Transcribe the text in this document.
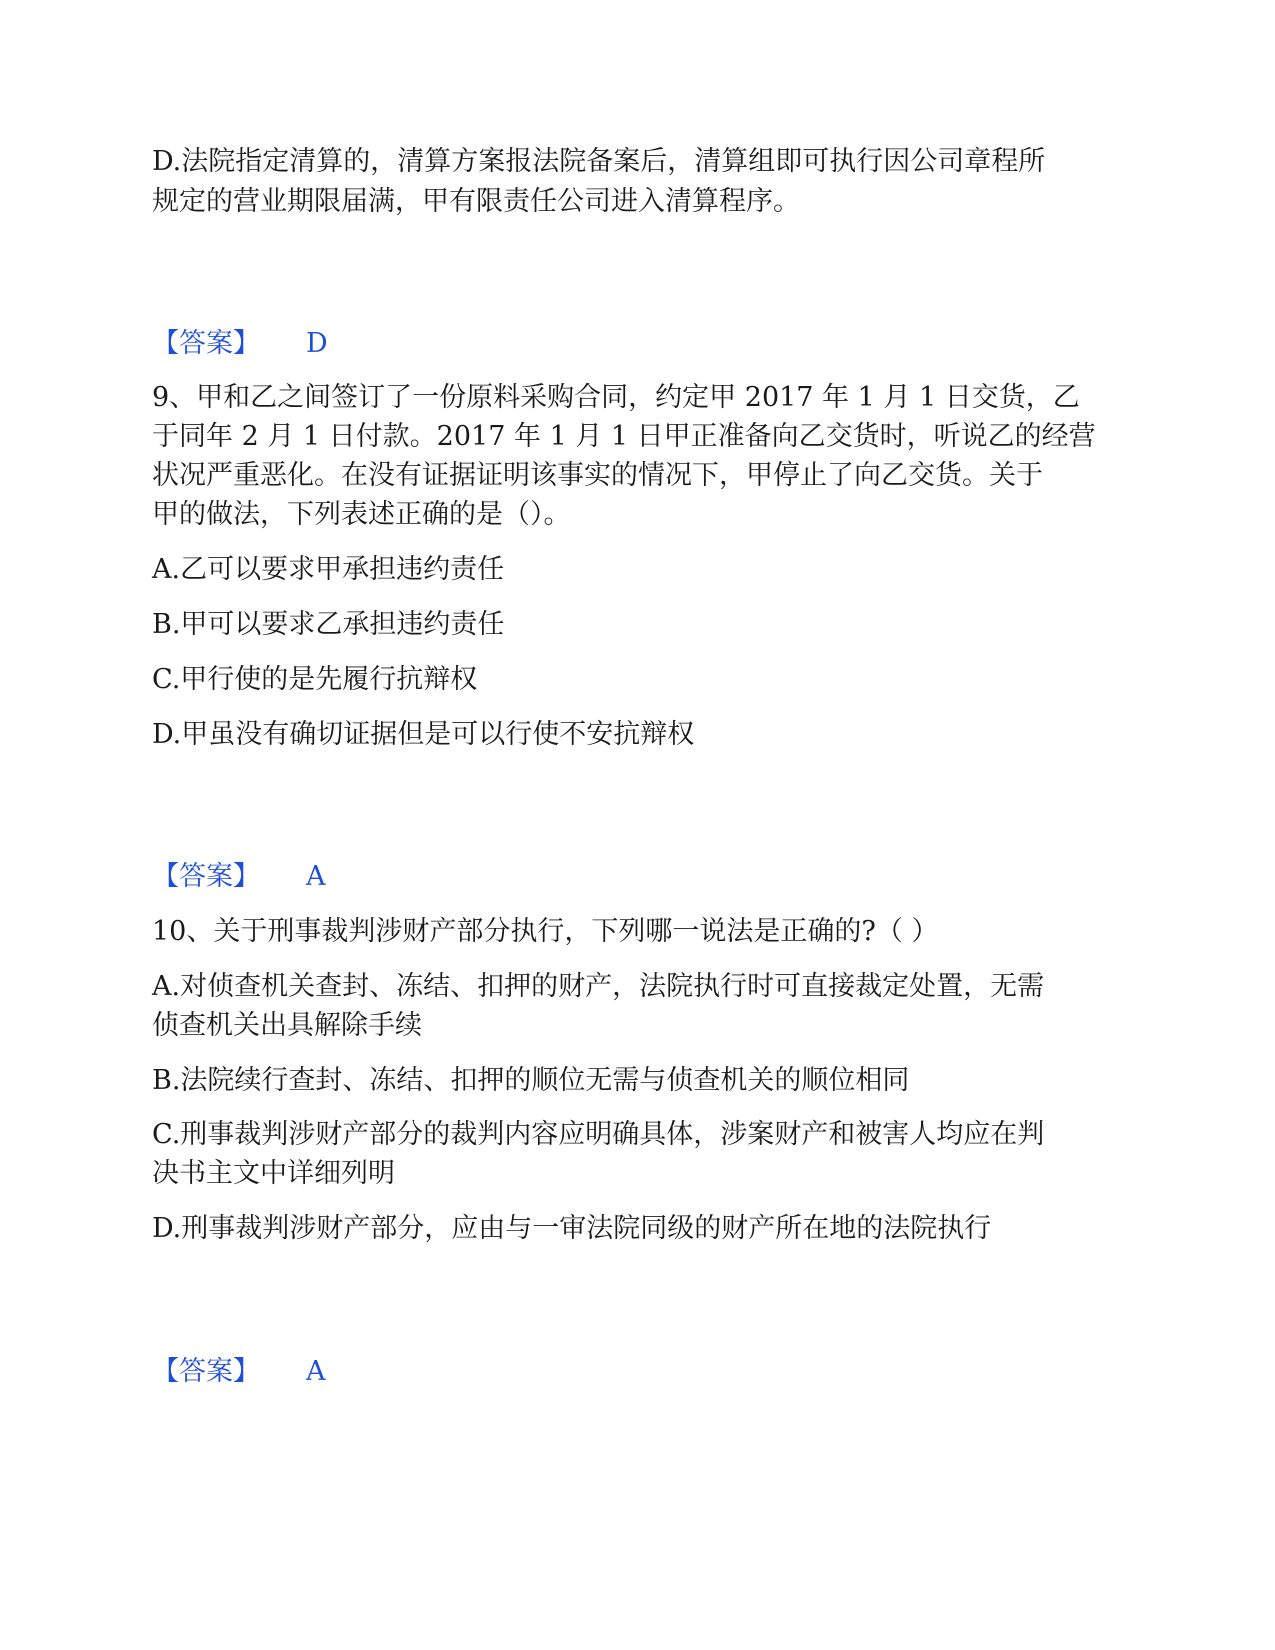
D.法院指定清算的，清算方案报法院备案后，清算组即可执行因公司章程所
规定的营业期限届满，甲有限责任公司进入清算程序。
【答案】 D
9、甲和乙之间签订了一份原料采购合同，约定甲 2017 年 1 月 1 日交货，乙
于同年 2 月 1 日付款。2017 年 1 月 1 日甲正准备向乙交货时，听说乙的经营
状况严重恶化。在没有证据证明该事实的情况下，甲停止了向乙交货。关于
甲的做法，下列表述正确的是（）。
A.乙可以要求甲承担违约责任
B.甲可以要求乙承担违约责任
C.甲行使的是先履行抗辩权
D.甲虽没有确切证据但是可以行使不安抗辩权
【答案】 A
10、关于刑事裁判涉财产部分执行，下列哪一说法是正确的?（ ）
A.对侦查机关查封、冻结、扣押的财产，法院执行时可直接裁定处置，无需
侦查机关出具解除手续
B.法院续行查封、冻结、扣押的顺位无需与侦查机关的顺位相同
C.刑事裁判涉财产部分的裁判内容应明确具体，涉案财产和被害人均应在判
决书主文中详细列明
D.刑事裁判涉财产部分，应由与一审法院同级的财产所在地的法院执行
【答案】 A
